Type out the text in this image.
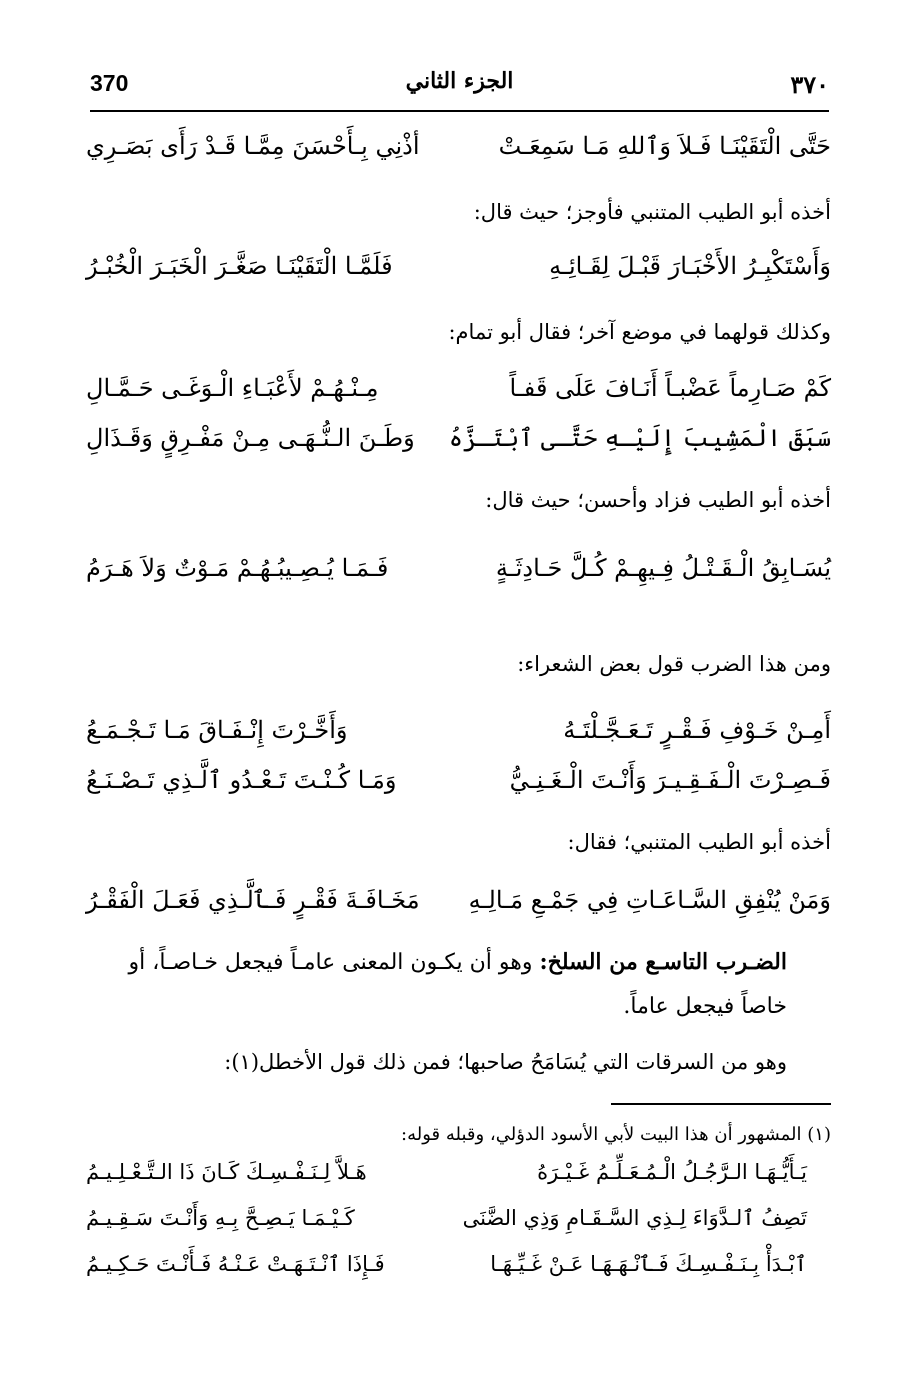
370	الجزء الثاني	٣٧٠
حَتَّى الْتَقَيْنَـا فَـلاَ وَٱللهِ مَـا سَمِعَـتْ
أذْنِي بِـأَحْسَنَ مِمَّـا قَـدْ رَأَى بَصَـرِي
أخذه أبو الطيب المتنبي فأوجز؛ حيث قال:
وَأَسْتَكْبِـرُ الأَخْبَـارَ قَبْـلَ لِقَـائِـهِ
فَلَمَّـا الْتَقَيْنَـا صَغَّـرَ الْخَبَـرَ الْخُبْـرُ
وكذلك قولهما في موضع آخر؛ فقال أبو تمام:
كَمْ صَـارِماً عَضْبـاً أَنَـافَ عَلَى قَفـاً
مِـنْـهُـمْ لأَعْبَـاءِ الْـوَغَـى حَـمَّـالِ
سَبَقَ الْمَشِيبَ إِلَيْـهِ حَتَّـى ٱبْتَـزَّهُ
وَطَـنَ الـنُّـهَـى مِـنْ مَفْـرِقٍ وَقَـذَالِ
أخذه أبو الطيب فزاد وأحسن؛ حيث قال:
يُسَـابِقُ الْـقَـتْـلُ فِـيهِـمْ كُـلَّ حَـادِثَـةٍ
فَـمَـا يُـصِـيبُـهُـمْ مَـوْتٌ وَلاَ هَـرَمُ
ومن هذا الضرب قول بعض الشعراء:
أَمِـنْ خَـوْفِ فَـقْـرٍ تَـعَـجَّـلْتَـهُ
وَأَخَّـرْتَ إِنْـفَـاقَ مَـا تَـجْـمَـعُ
فَـصِـرْتَ الْـفَـقِـيـرَ وَأَنْـتَ الْـغَـنِـيُّ
وَمَـا كُـنْـتَ تَـعْـدُو ٱلَّـذِي تَـصْـنَـعُ
أخذه أبو الطيب المتنبي؛ فقال:
وَمَنْ يُنْفِقِ السَّـاعَـاتِ فِي جَمْـعِ مَـالِـهِ
مَخَـافَـةَ فَقْـرٍ فَـٱلَّـذِي فَعَـلَ الْفَقْـرُ
الضـرب التاسـع من السلخ: وهو أن يكـون المعنى عامـاً فيجعل خـاصـاً، أو خاصاً فيجعل عاماً.
وهو من السرقات التي يُسَامَحُ صاحبها؛ فمن ذلك قول الأخطل(١):
(١) المشهور أن هذا البيت لأبي الأسود الدؤلي، وقبله قوله:
يَـأَيُّـهَـا الـرَّجُـلُ الْـمُـعَـلِّـمُ غَـيْـرَهُ
هَـلاَّ لِـنَـفْـسِـكَ كَـانَ ذَا الـتَّـعْـلِـيـمُ
تَصِفُ ٱلـدَّوَاءَ لِـذِي السَّـقَـامِ وَذِي الضَّنَى
كَـيْـمَـا يَـصِـحَّ بِـهِ وَأَنْـتَ سَـقِـيـمُ
ٱبْـدَأْ بِـنَـفْـسِـكَ فَـٱنْـهَـهَـا عَـنْ غَـيِّـهَـا
فَـإِذَا ٱنْـتَـهَـتْ عَـنْـهُ فَـأَنْـتَ حَـكِـيـمُ
